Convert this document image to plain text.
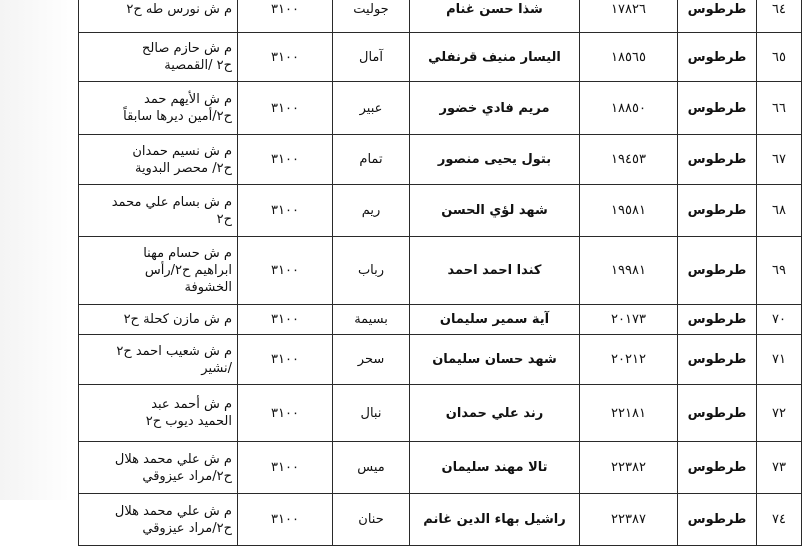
٦٤	طرطوس	١٧٨٢٦	شذا حسن غنام	جوليت	٣١٠٠	م ش نورس طه ح٢
٦٥	طرطوس	١٨٥٦٥	اليسار منيف قرنفلي	آمال	٣١٠٠	م ش حازم صالح
ح٢ /القمصية
٦٦	طرطوس	١٨٨٥٠	مريم فادي خضور	عبير	٣١٠٠	م ش الأيهم حمد
ح٢/أمين ديرها سابقاً
٦٧	طرطوس	١٩٤٥٣	بتول يحيى منصور	تمام	٣١٠٠	م ش نسيم حمدان
ح٢/ محصر البدوية
٦٨	طرطوس	١٩٥٨١	شهد لؤي الحسن	ريم	٣١٠٠	م ش بسام علي محمد
ح٢
٦٩	طرطوس	١٩٩٨١	كندا احمد احمد	رباب	٣١٠٠	م ش حسام مهنا
ابراهيم ح٢/رأس
الخشوفة
٧٠	طرطوس	٢٠١٧٣	آية سمير سليمان	بسيمة	٣١٠٠	م ش مازن كحلة ح٢
٧١	طرطوس	٢٠٢١٢	شهد حسان سليمان	سحر	٣١٠٠	م ش شعيب احمد ح٢
/نشير
٧٢	طرطوس	٢٢١٨١	رند علي حمدان	نبال	٣١٠٠	م ش أحمد عبد
الحميد ديوب ح٢
٧٣	طرطوس	٢٢٣٨٢	تالا مهند سليمان	ميس	٣١٠٠	م ش علي محمد هلال
ح٢/مراد عيزوقي
٧٤	طرطوس	٢٢٣٨٧	راشيل بهاء الدين غانم	حنان	٣١٠٠	م ش علي محمد هلال
ح٢/مراد عيزوقي
